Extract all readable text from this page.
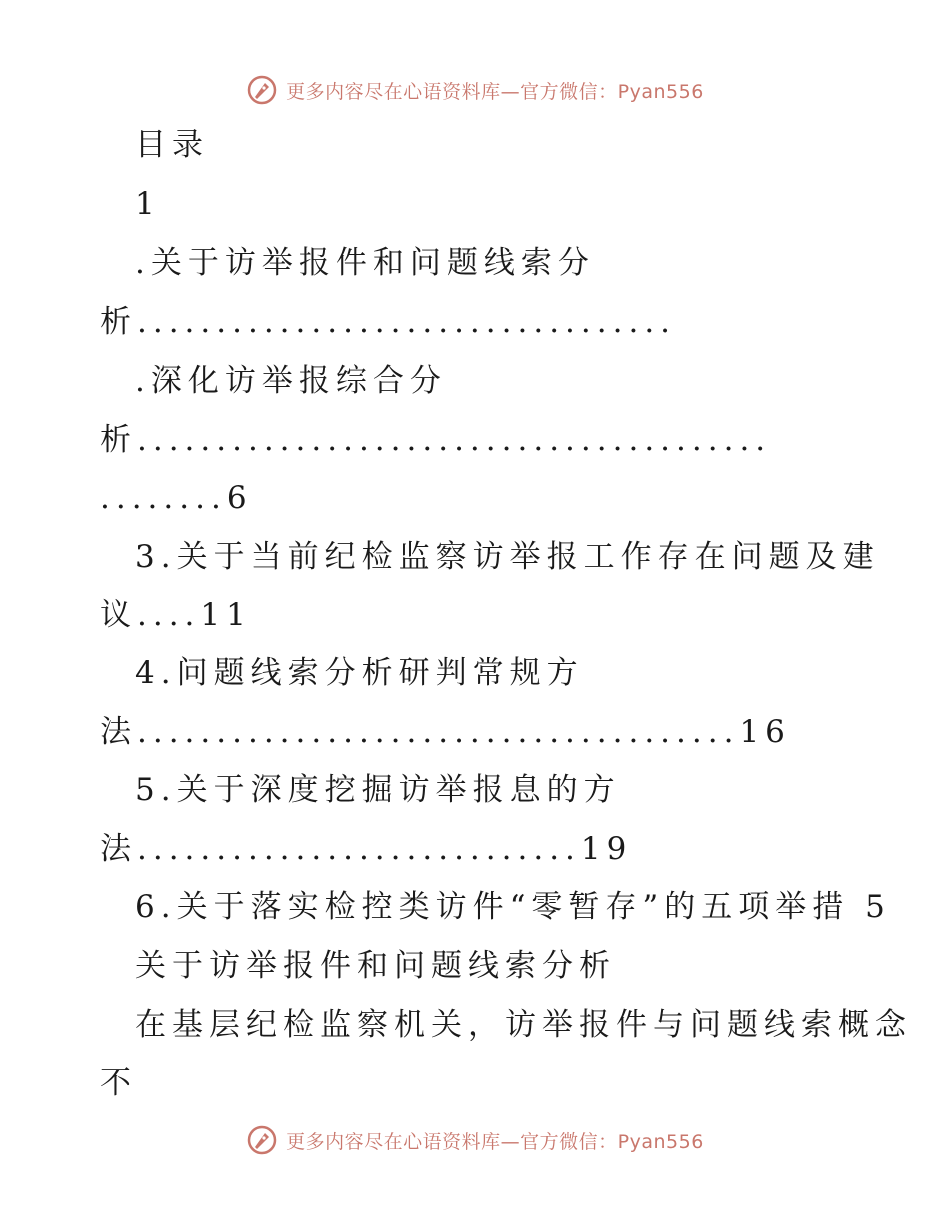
更多内容尽在心语资料库—官方微信：Pyan556
目录
1
.关于访举报件和问题线索分
析..................................
.深化访举报综合分
析........................................
........6
3.关于当前纪检监察访举报工作存在问题及建
议....11
4.问题线索分析研判常规方
法......................................16
5.关于深度挖掘访举报息的方
法............................19
6.关于落实检控类访件“零暂存”的五项举措 5
关于访举报件和问题线索分析
在基层纪检监察机关，访举报件与问题线索概念
不
更多内容尽在心语资料库—官方微信：Pyan556
